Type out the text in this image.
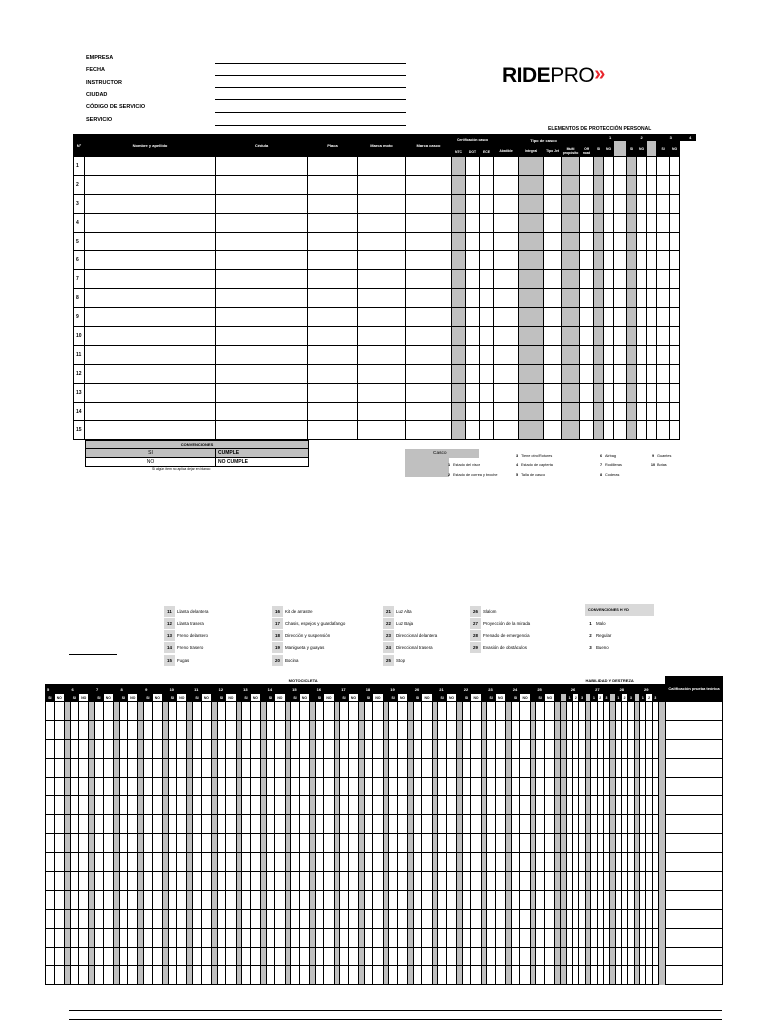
EMPRESA
FECHA
INSTRUCTOR
CIUDAD
CÓDIGO DE SERVICIO
SERVICIO
RIDEPRO »
ELEMENTOS DE PROTECCIÓN PERSONAL
N°	Nombre y apellido	Cédula	Placa	Marca moto	Marca casco	Certificación casco			Tipo de casco					1			2			3		4
														SI	NO		SI	NO		SI	NO	
						NTC	DOT	ECE	Abatible	Integral	Tipo Jet	Multi propósito	Off road									
1																						
2																						
3																						
4																						
5																						
6																						
7																						
8																						
9																						
10																						
11																						
12																						
13																						
14																						
15																						
CONVENCIONES	
SI	CUMPLE
NO	NO CUMPLE
Si algún ítem no aplica dejar en blanco
Casco
1 Estado del visor
2 Estado de correa y broche
3 Tiene otro/Rotures
4 Estado de capterta
5 Talla de casco
6 Airbag
7 Rodilleras
8 Coderas
9 Guantes
10 Botas
11	Llanta delantera
12	Llanta trasera
13	Freno delantero
14	Freno trasero
15	Fugas
16	Kit de arrastre
17	Chasis, espejos y guardafango
18	Dirección y suspensión
19	Manigueta y guayas
20	Bocina
21	Luz Alta
22	Luz Baja
23	Direccional delantera
24	Direccional trasera
25	Stop
26	Slalom
27	Proyección de la mirada
28	Frenado de emergencia
29	Evasión de obstáculos
CONVENCIONES H YD
1 Malo
2 Regular
3 Bueno
MOTOCICLETA	HABILIDAD Y DESTREZA		Calificación prueba teórica
5	6	7	8	9	10	11	12	13	14	15	16	17	18	19	20	21	22	23	24	25	26	27	28	29	
SI	NO		SI	NO		SI	NO		SI	NO		SI	NO		SI	NO		SI	NO		SI	NO		SI	NO		SI	NO		SI	NO		SI	NO		SI	NO		SI	NO		SI	NO		SI	NO		SI	NO		SI	NO		SI	NO		SI	NO		SI	NO			1	2	3		1	2	3		1	2	3		1	2	3	
